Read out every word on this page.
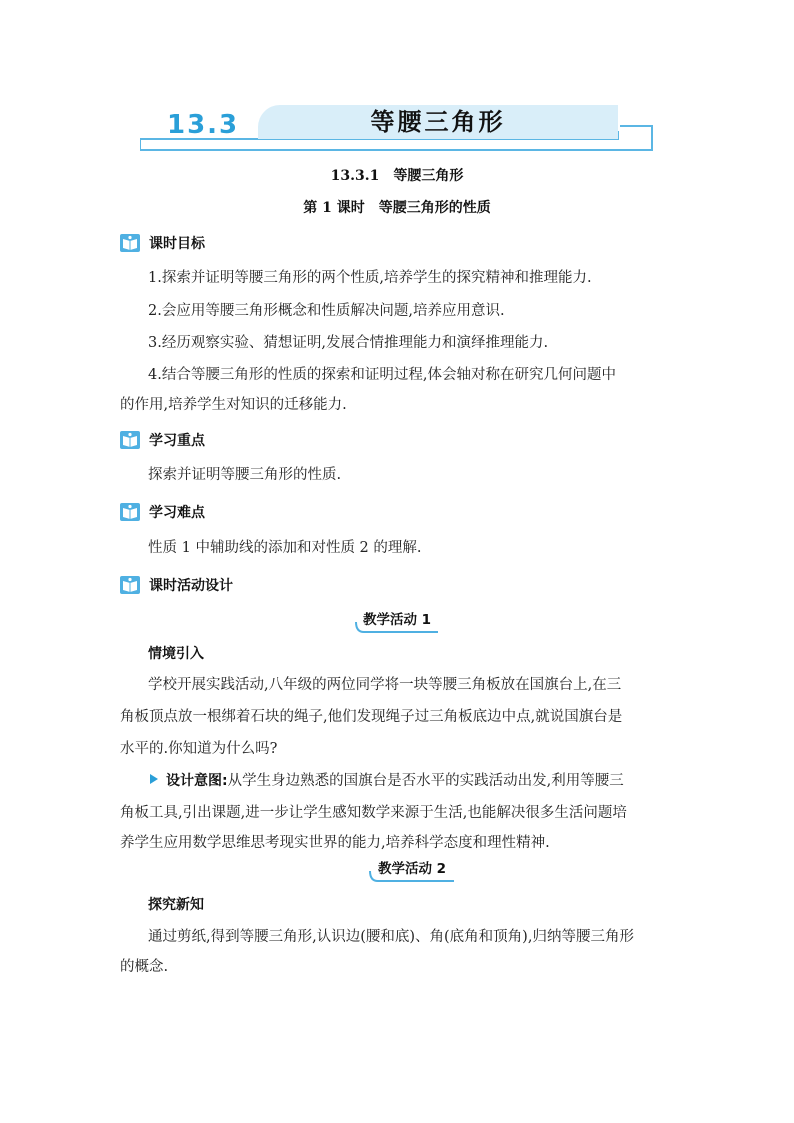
13.3	等腰三角形
13.3.1　等腰三角形
第 1 课时　等腰三角形的性质
课时目标
1.探索并证明等腰三角形的两个性质,培养学生的探究精神和推理能力.
2.会应用等腰三角形概念和性质解决问题,培养应用意识.
3.经历观察实验、猜想证明,发展合情推理能力和演绎推理能力.
4.结合等腰三角形的性质的探索和证明过程,体会轴对称在研究几何问题中
的作用,培养学生对知识的迁移能力.
学习重点
探索并证明等腰三角形的性质.
学习难点
性质 1 中辅助线的添加和对性质 2 的理解.
课时活动设计
教学活动 1
情境引入
学校开展实践活动,八年级的两位同学将一块等腰三角板放在国旗台上,在三
角板顶点放一根绑着石块的绳子,他们发现绳子过三角板底边中点,就说国旗台是
水平的.你知道为什么吗?
设计意图:从学生身边熟悉的国旗台是否水平的实践活动出发,利用等腰三
角板工具,引出课题,进一步让学生感知数学来源于生活,也能解决很多生活问题培
养学生应用数学思维思考现实世界的能力,培养科学态度和理性精神.
教学活动 2
探究新知
通过剪纸,得到等腰三角形,认识边(腰和底)、角(底角和顶角),归纳等腰三角形
的概念.
